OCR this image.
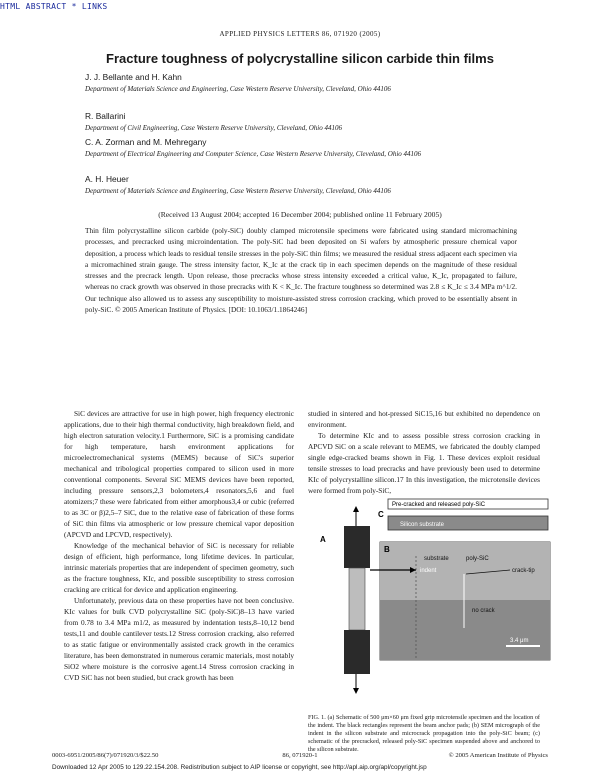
HTML ABSTRACT * LINKS
APPLIED PHYSICS LETTERS 86, 071920 (2005)
Fracture toughness of polycrystalline silicon carbide thin films
J. J. Bellante and H. Kahn
Department of Materials Science and Engineering, Case Western Reserve University, Cleveland, Ohio 44106
R. Ballarini
Department of Civil Engineering, Case Western Reserve University, Cleveland, Ohio 44106
C. A. Zorman and M. Mehregany
Department of Electrical Engineering and Computer Science, Case Western Reserve University, Cleveland, Ohio 44106
A. H. Heuer
Department of Materials Science and Engineering, Case Western Reserve University, Cleveland, Ohio 44106
(Received 13 August 2004; accepted 16 December 2004; published online 11 February 2005)
Thin film polycrystalline silicon carbide (poly-SiC) doubly clamped microtensile specimens were fabricated using standard micromachining processes, and precracked using microindentation. The poly-SiC had been deposited on Si wafers by atmospheric pressure chemical vapor deposition, a process which leads to residual tensile stresses in the poly-SiC thin films; we measured the residual stress adjacent each specimen via a micromachined strain gauge. The stress intensity factor, K_Ic at the crack tip in each specimen depends on the magnitude of these residual stresses and the precrack length. Upon release, those precracks whose stress intensity exceeded a critical value, K_Ic, propagated to failure, whereas no crack growth was observed in those precracks with K < K_Ic. The fracture toughness so determined was 2.8 ≤ K_Ic ≤ 3.4 MPa m^1/2. Our technique also allowed us to assess any susceptibility to moisture-assisted stress corrosion cracking, which proved to be essentially absent in poly-SiC. © 2005 American Institute of Physics. [DOI: 10.1063/1.1864246]

SiC devices are attractive for use in high power, high frequency electronic applications, due to their high thermal conductivity, high breakdown field, and high electron saturation velocity.1 Furthermore, SiC is a promising candidate for high temperature, harsh environment applications for microelectromechanical systems (MEMS) because of SiC's superior mechanical and tribological properties compared to silicon used in more conventional components. Several SiC MEMS devices have been reported, including pressure sensors,2,3 bolometers,4 resonators,5,6 and fuel atomizers;7 these were fabricated from either amorphous3,4 or cubic (referred to as 3C or β)2,5–7 SiC, due to the relative ease of fabrication of these forms of SiC thin films via atmospheric or low pressure chemical vapor deposition (APCVD and LPCVD, respectively).

Knowledge of the mechanical behavior of SiC is necessary for reliable design of efficient, high performance, long lifetime devices. In particular, intrinsic materials properties that are independent of specimen geometry, such as the fracture toughness, KIc, and possible susceptibility to stress corrosion cracking are critical for device and application engineering.

Unfortunately, previous data on these properties have not been conclusive. KIc values for bulk CVD polycrystalline SiC (poly-SiC)8–13 have varied from 0.78 to 3.4 MPa m1/2, as measured by indentation tests,8–10,12 bend tests,11 and double cantilever tests.12 Stress corrosion cracking, also referred to as static fatigue or environmentally assisted crack growth in the ceramics literature, has been demonstrated in numerous ceramic materials, most notably SiO2 where moisture is the corrosive agent.14 Stress corrosion cracking in CVD SiC has not been studied, but crack growth has been

studied in sintered and hot-pressed SiC15,16 but exhibited no dependence on environment.

To determine KIc and to assess possible stress corrosion cracking in APCVD SiC on a scale relevant to MEMS, we fabricated the doubly clamped single edge-cracked beams shown in Fig. 1. These devices exploit residual tensile stresses to load precracks and have previously been used to determine KIc of polycrystalline silicon.17 In this investigation, the microtensile devices were formed from poly-SiC,

Pre-cracked and released poly-SiC
Silicon substrate
C
A
B
substrate	poly-SiC
indent	crack-tip
no crack
3.4 μm
FIG. 1. (a) Schematic of 500 μm×60 μm fixed grip microtensile specimen and the location of the indent. The black rectangles represent the beam anchor pads; (b) SEM micrograph of the indent in the silicon substrate and microcrack propagation into the poly-SiC beam; (c) schematic of the precracked, released poly-SiC specimen suspended above and anchored to the silicon substrate.
0003-6951/2005/86(7)/071920/3/$22.50	86, 071920-1	© 2005 American Institute of Physics
Downloaded 12 Apr 2005 to 129.22.154.208. Redistribution subject to AIP license or copyright, see http://apl.aip.org/apl/copyright.jsp
